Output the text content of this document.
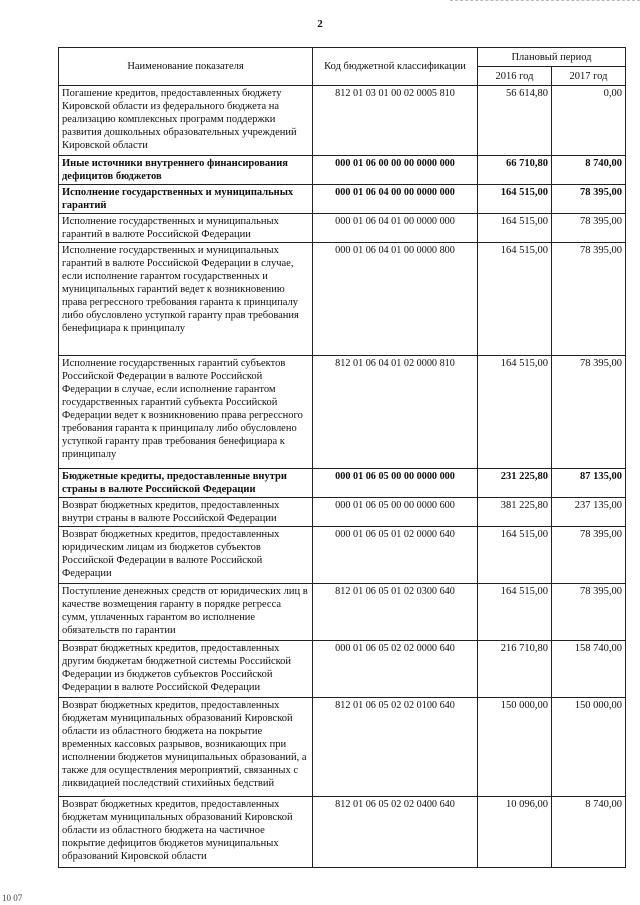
2
Наименование показателя	Код бюджетной классификации	Плановый период	
		2016 год	2017 год
Погашение кредитов, предоставленных бюджету Кировской области из федерального бюджета на реализацию комплексных программ поддержки развития дошкольных образовательных учреждений Кировской области	812 01 03 01 00 02 0005 810	56 614,80	0,00
Иные источники внутреннего финансирования дефицитов бюджетов	000 01 06 00 00 00 0000 000	66 710,80	8 740,00
Исполнение государственных и муниципальных гарантий	000 01 06 04 00 00 0000 000	164 515,00	78 395,00
Исполнение государственных и муниципальных гарантий в валюте Российской Федерации	000 01 06 04 01 00 0000 000	164 515,00	78 395,00
Исполнение государственных и муниципальных гарантий в валюте Российской Федерации в случае, если исполнение гарантом государственных и муниципальных гарантий ведет к возникновению права регрессного требования гаранта к принципалу либо обусловлено уступкой гаранту прав требования бенефициара к принципалу	000 01 06 04 01 00 0000 800	164 515,00	78 395,00
Исполнение государственных гарантий субъектов Российской Федерации в валюте Российской Федерации в случае, если исполнение гарантом государственных гарантий субъекта Российской Федерации ведет к возникновению права регрессного требования гаранта к принципалу либо обусловлено уступкой гаранту прав требования бенефициара к принципалу	812 01 06 04 01 02 0000 810	164 515,00	78 395,00
Бюджетные кредиты, предоставленные внутри страны в валюте Российской Федерации	000 01 06 05 00 00 0000 000	231 225,80	87 135,00
Возврат бюджетных кредитов, предоставленных внутри страны в валюте Российской Федерации	000 01 06 05 00 00 0000 600	381 225,80	237 135,00
Возврат бюджетных кредитов, предоставленных юридическим лицам из бюджетов субъектов Российской Федерации в валюте Российской Федерации	000 01 06 05 01 02 0000 640	164 515,00	78 395,00
Поступление денежных средств от юридических лиц в качестве возмещения гаранту в порядке регресса сумм, уплаченных гарантом во исполнение обязательств по гарантии	812 01 06 05 01 02 0300 640	164 515,00	78 395,00
Возврат бюджетных кредитов, предоставленных другим бюджетам бюджетной системы Российской Федерации из бюджетов субъектов Российской Федерации в валюте Российской Федерации	000 01 06 05 02 02 0000 640	216 710,80	158 740,00
Возврат бюджетных кредитов, предоставленных бюджетам муниципальных образований Кировской области из областного бюджета на покрытие временных кассовых разрывов, возникающих при исполнении бюджетов муниципальных образований, а также для осуществления мероприятий, связанных с ликвидацией последствий стихийных бедствий	812 01 06 05 02 02 0100 640	150 000,00	150 000,00
Возврат бюджетных кредитов, предоставленных бюджетам муниципальных образований Кировской области из областного бюджета на частичное покрытие дефицитов бюджетов муниципальных образований Кировской области	812 01 06 05 02 02 0400 640	10 096,00	8 740,00
10 07
